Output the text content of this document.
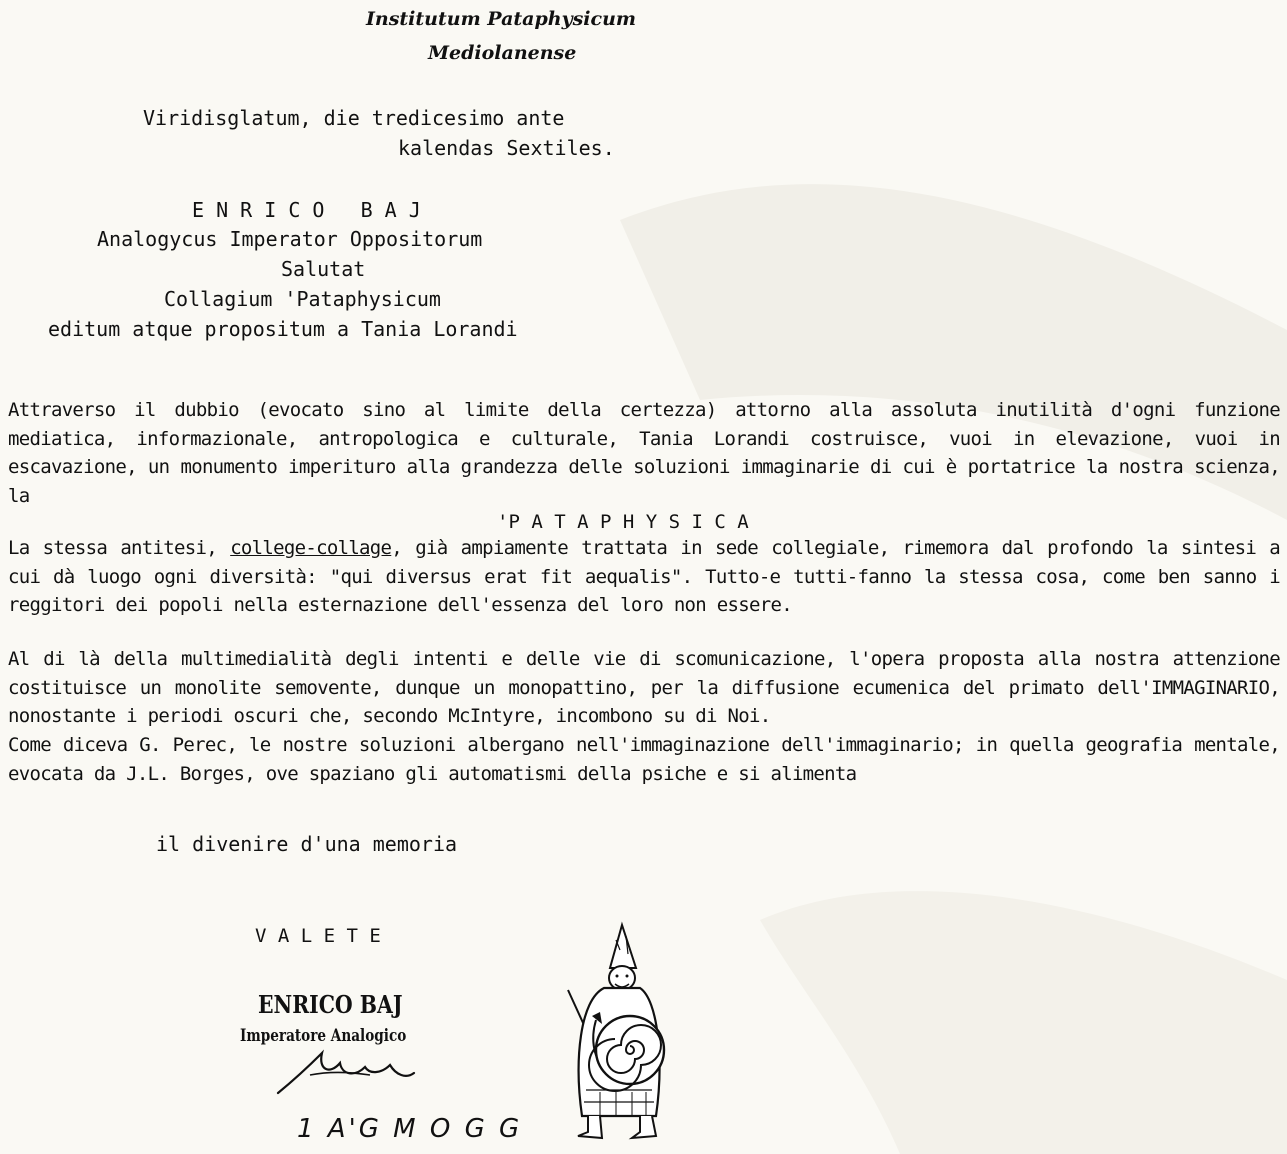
Institutum Pataphysicum
Mediolanense
Viridisglatum, die tredicesimo ante
kalendas Sextiles.
E N R I C O   B A J
Analogycus Imperator Oppositorum
Salutat
Collagium 'Pataphysicum
editum atque propositum a Tania Lorandi
Attraverso il dubbio (evocato sino al limite della certezza) attorno alla assoluta inutilità d'ogni funzione mediatica, informazionale, antropologica e culturale, Tania Lorandi costruisce, vuoi in elevazione, vuoi in escavazione, un monumento imperituro alla grandezza delle soluzioni immaginarie di cui è portatrice la nostra scienza, la
'P A T A P H Y S I C A
La stessa antitesi, college-collage, già ampiamente trattata in sede collegiale, rimemora dal profondo la sintesi a cui dà luogo ogni diversità: "qui diversus erat fit aequalis". Tutto-e tutti-fanno la stessa cosa, come ben sanno i reggitori dei popoli nella esternazione dell'essenza del loro non essere.
Al di là della multimedialità degli intenti e delle vie di scomunicazione, l'opera proposta alla nostra attenzione costituisce un monolite semovente, dunque un monopattino, per la diffusione ecumenica del primato dell'IMMAGINARIO, nonostante i periodi oscuri che, secondo McIntyre, incombono su di Noi.
Come diceva G. Perec, le nostre soluzioni albergano nell'immaginazione dell'immaginario; in quella geografia mentale, evocata da J.L. Borges, ove spaziano gli automatismi della psiche e si alimenta
il divenire d'una memoria
V A L E T E
ENRICO BAJ
Imperatore Analogico
1 A'G M O G G
